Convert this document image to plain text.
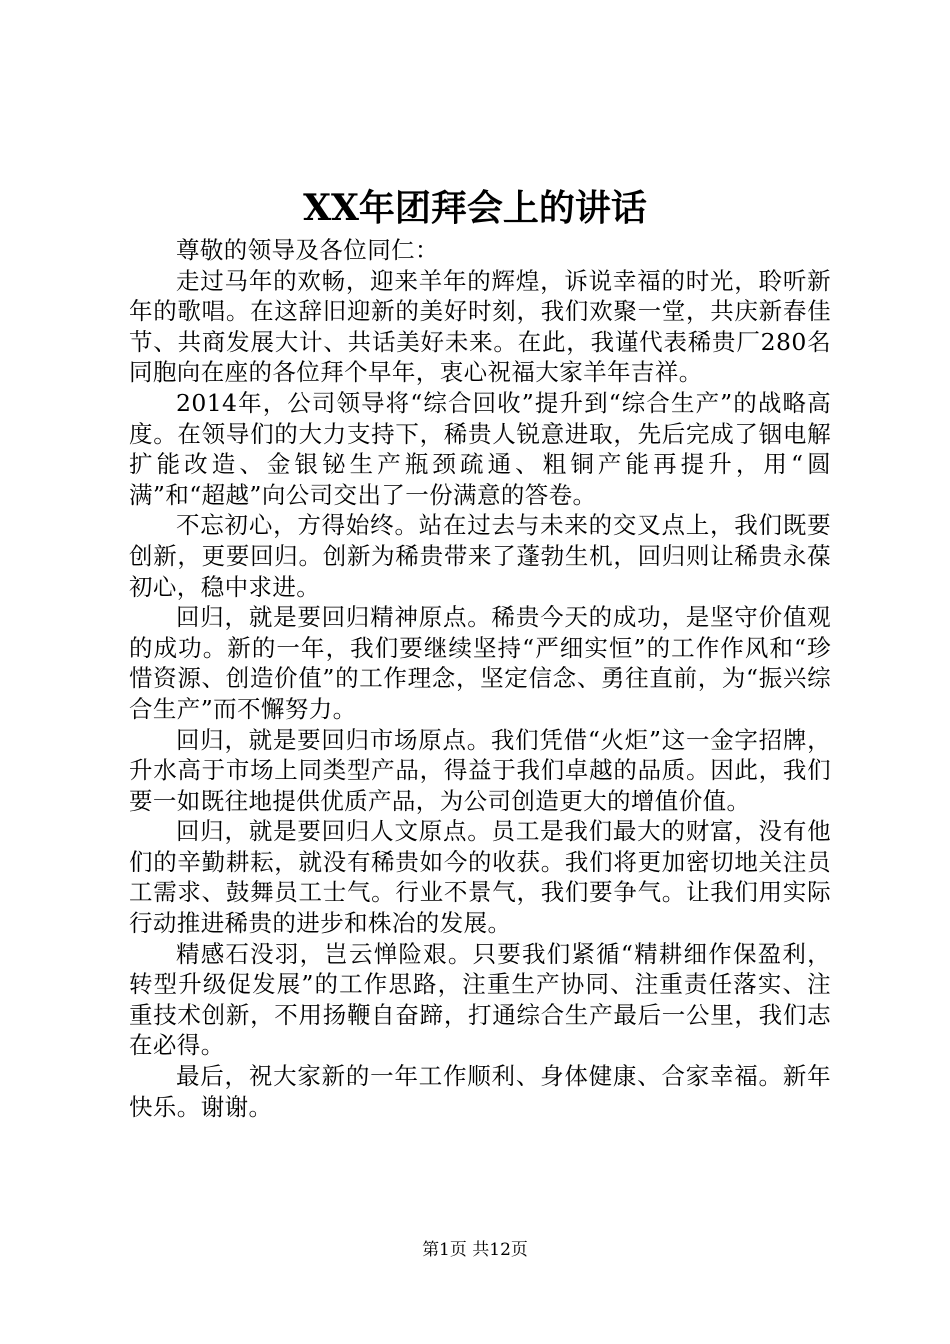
XX年团拜会上的讲话

尊敬的领导及各位同仁：

走过马年的欢畅，迎来羊年的辉煌，诉说幸福的时光，聆听新年的歌唱。在这辞旧迎新的美好时刻，我们欢聚一堂，共庆新春佳节、共商发展大计、共话美好未来。在此，我谨代表稀贵厂280名同胞向在座的各位拜个早年，衷心祝福大家羊年吉祥。

2014年，公司领导将“综合回收”提升到“综合生产”的战略高度。在领导们的大力支持下，稀贵人锐意进取，先后完成了铟电解扩能改造、金银铋生产瓶颈疏通、粗铜产能再提升，用“圆满”和“超越”向公司交出了一份满意的答卷。

不忘初心，方得始终。站在过去与未来的交叉点上，我们既要创新，更要回归。创新为稀贵带来了蓬勃生机，回归则让稀贵永葆初心，稳中求进。

回归，就是要回归精神原点。稀贵今天的成功，是坚守价值观的成功。新的一年，我们要继续坚持“严细实恒”的工作作风和“珍惜资源、创造价值”的工作理念，坚定信念、勇往直前，为“振兴综合生产”而不懈努力。

回归，就是要回归市场原点。我们凭借“火炬”这一金字招牌，升水高于市场上同类型产品，得益于我们卓越的品质。因此，我们要一如既往地提供优质产品，为公司创造更大的增值价值。

回归，就是要回归人文原点。员工是我们最大的财富，没有他们的辛勤耕耘，就没有稀贵如今的收获。我们将更加密切地关注员工需求、鼓舞员工士气。行业不景气，我们要争气。让我们用实际行动推进稀贵的进步和株冶的发展。

精感石没羽，岂云惮险艰。只要我们紧循“精耕细作保盈利，转型升级促发展”的工作思路，注重生产协同、注重责任落实、注重技术创新，不用扬鞭自奋蹄，打通综合生产最后一公里，我们志在必得。

最后，祝大家新的一年工作顺利、身体健康、合家幸福。新年快乐。谢谢。

第1页 共12页
